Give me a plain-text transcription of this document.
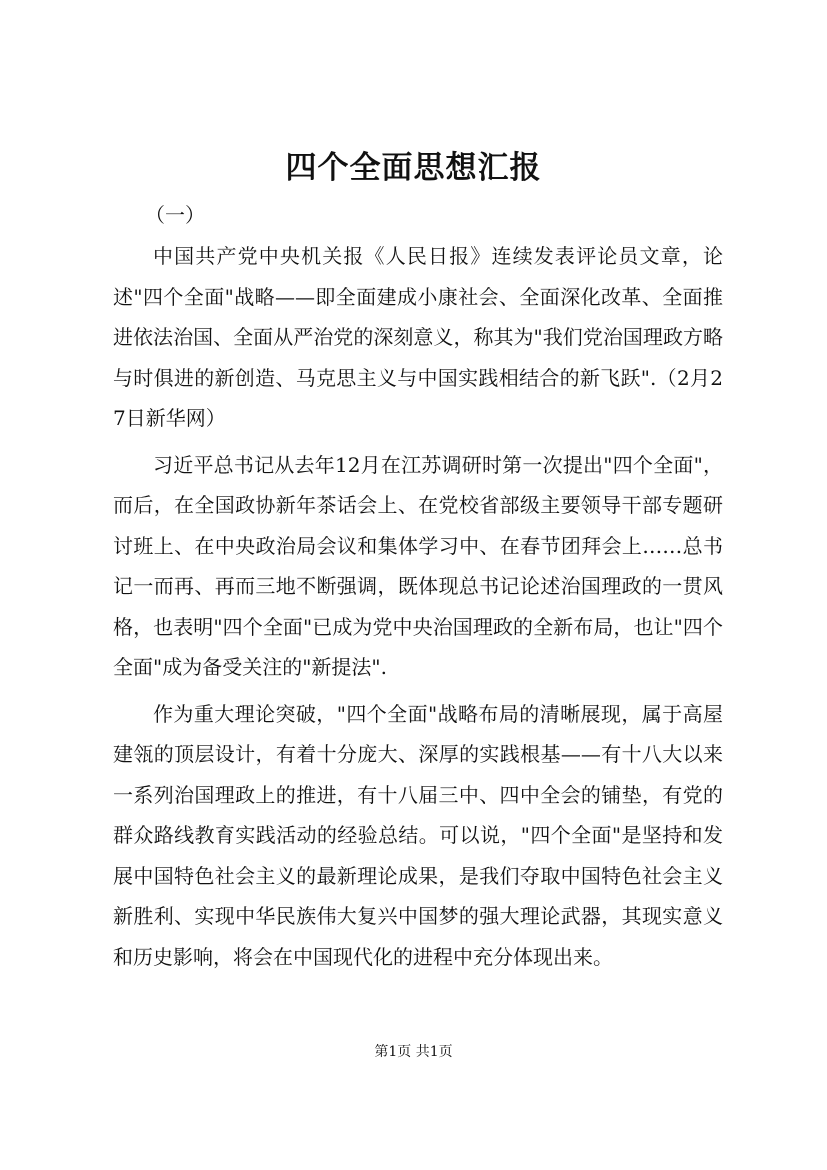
四个全面思想汇报
（一）

中国共产党中央机关报《人民日报》连续发表评论员文章，论述"四个全面"战略——即全面建成小康社会、全面深化改革、全面推进依法治国、全面从严治党的深刻意义，称其为"我们党治国理政方略与时俱进的新创造、马克思主义与中国实践相结合的新飞跃".（2月27日新华网）

习近平总书记从去年12月在江苏调研时第一次提出"四个全面"，而后，在全国政协新年茶话会上、在党校省部级主要领导干部专题研讨班上、在中央政治局会议和集体学习中、在春节团拜会上……总书记一而再、再而三地不断强调，既体现总书记论述治国理政的一贯风格，也表明"四个全面"已成为党中央治国理政的全新布局，也让"四个全面"成为备受关注的"新提法".

作为重大理论突破，"四个全面"战略布局的清晰展现，属于高屋建瓴的顶层设计，有着十分庞大、深厚的实践根基——有十八大以来一系列治国理政上的推进，有十八届三中、四中全会的铺垫，有党的群众路线教育实践活动的经验总结。可以说，"四个全面"是坚持和发展中国特色社会主义的最新理论成果，是我们夺取中国特色社会主义新胜利、实现中华民族伟大复兴中国梦的强大理论武器，其现实意义和历史影响，将会在中国现代化的进程中充分体现出来。

第1页 共1页
